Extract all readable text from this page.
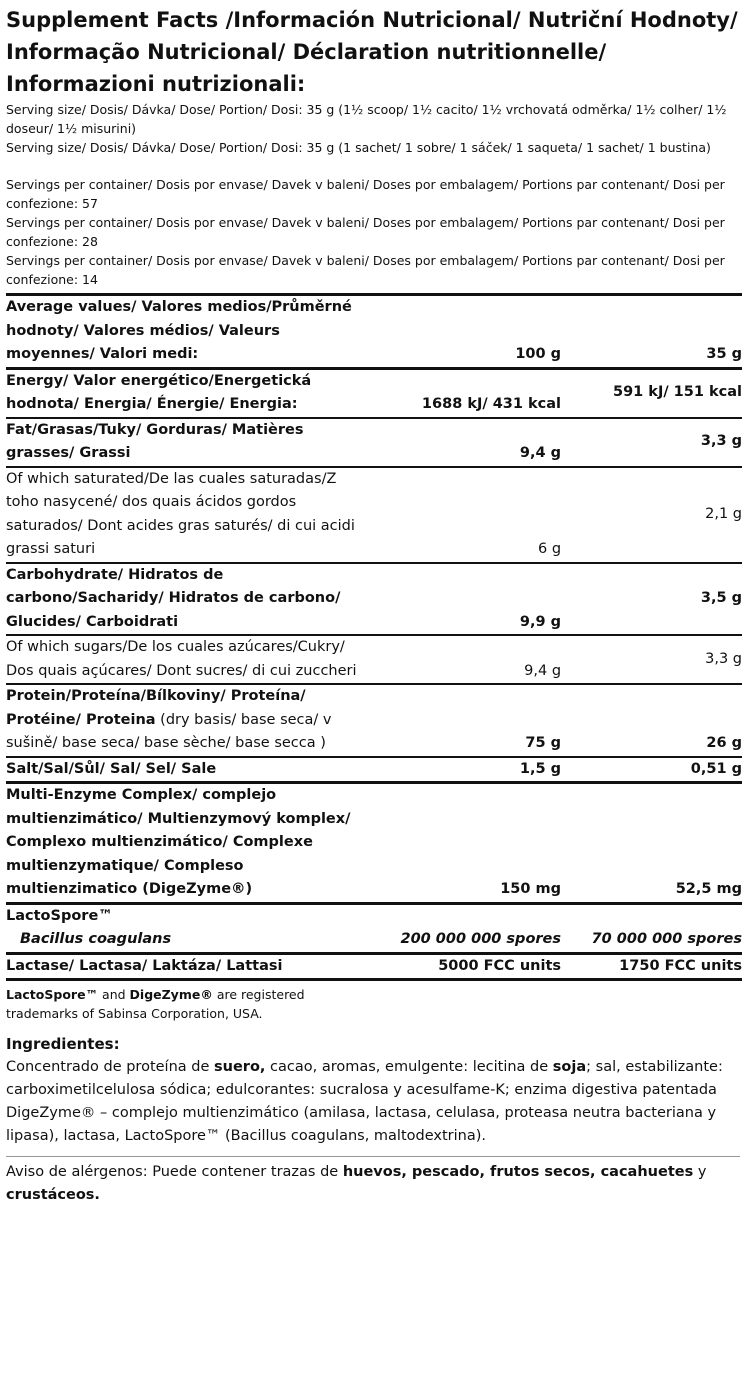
Supplement Facts /Información Nutricional/ Nutriční Hodnoty/ Informação Nutricional/ Déclaration nutritionnelle/ Informazioni nutrizionali:

Serving size/ Dosis/ Dávka/ Dose/ Portion/ Dosi: 35 g (1½ scoop/ 1½ cacito/ 1½ vrchovatá odměrka/ 1½ colher/ 1½ doseur/ 1½ misurini)

Serving size/ Dosis/ Dávka/ Dose/ Portion/ Dosi: 35 g (1 sachet/ 1 sobre/ 1 sáček/ 1 saqueta/ 1 sachet/ 1 bustina)

Servings per container/ Dosis por envase/ Davek v baleni/ Doses por embalagem/ Portions par contenant/ Dosi per confezione: 57

Servings per container/ Dosis por envase/ Davek v baleni/ Doses por embalagem/ Portions par contenant/ Dosi per confezione: 28

Servings per container/ Dosis por envase/ Davek v baleni/ Doses por embalagem/ Portions par contenant/ Dosi per confezione: 14

Average values/ Valores medios/Průměrné hodnoty/ Valores médios/ Valeurs moyennes/ Valori medi:	100 g	35 g
Energy/ Valor energético/Energetická hodnota/ Energia/ Énergie/ Energia:	1688 kJ/ 431 kcal	591 kJ/ 151 kcal
Fat/Grasas/Tuky/ Gorduras/ Matières grasses/ Grassi	9,4 g	3,3 g
Of which saturated/De las cuales saturadas/Z toho nasycené/ dos quais ácidos gordos saturados/ Dont acides gras saturés/ di cui acidi grassi saturi	6 g	2,1 g
Carbohydrate/ Hidratos de carbono/Sacharidy/ Hidratos de carbono/ Glucides/ Carboidrati	9,9 g	3,5 g
Of which sugars/De los cuales azúcares/Cukry/ Dos quais açúcares/ Dont sucres/ di cui zuccheri	9,4 g	3,3 g
Protein/Proteína/Bílkoviny/ Proteína/ Protéine/ Proteina (dry basis/ base seca/ v sušině/ base seca/ base sèche/ base secca )	75 g	26 g
Salt/Sal/Sůl/ Sal/ Sel/ Sale	1,5 g	0,51 g
Multi-Enzyme Complex/ complejo multienzimático/ Multienzymový komplex/ Complexo multienzimático/ Complexe multienzymatique/ Compleso multienzimatico (DigeZyme®)	150 mg	52,5 mg

LactoSpore™
Bacillus coagulans	200 000 000 spores	70 000 000 spores
Lactase/ Lactasa/ Laktáza/ Lattasi	5000 FCC units	1750 FCC units
LactoSpore™ and DigeZyme® are registered trademarks of Sabinsa Corporation, USA.
Ingredientes:

Concentrado de proteína de suero, cacao, aromas, emulgente: lecitina de soja; sal, estabilizante: carboximetilcelulosa sódica; edulcorantes: sucralosa y acesulfame-K; enzima digestiva patentada DigeZyme® – complejo multienzimático (amilasa, lactasa, celulasa, proteasa neutra bacteriana y lipasa), lactasa, LactoSpore™ (Bacillus coagulans, maltodextrina).

Aviso de alérgenos: Puede contener trazas de huevos, pescado, frutos secos, cacahuetes y crustáceos.
